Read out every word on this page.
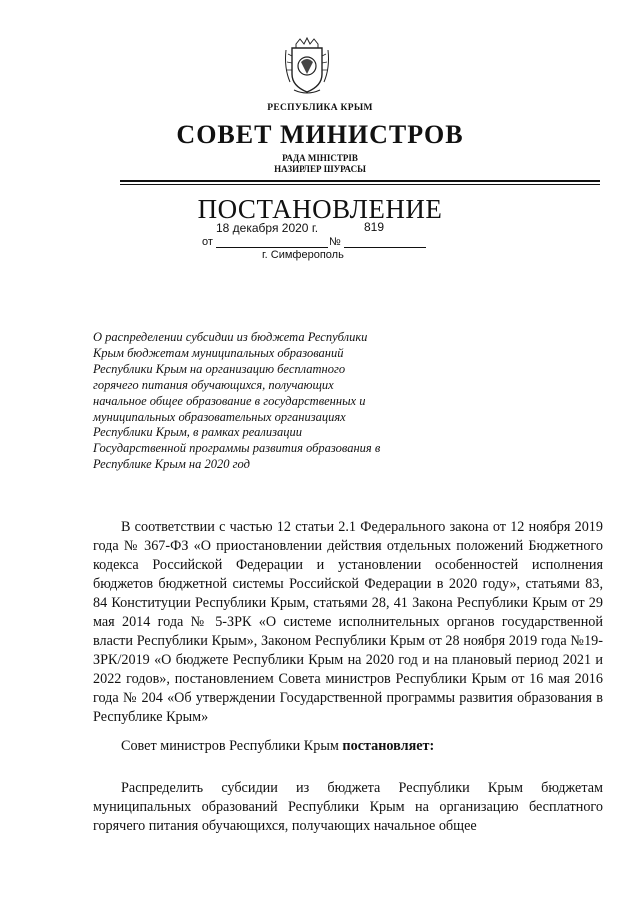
РЕСПУБЛИКА КРЫМ
СОВЕТ МИНИСТРОВ
РАДА МІНІСТРІВ
НАЗИРЛЕР ШУРАСЫ
ПОСТАНОВЛЕНИЕ
18 декабря 2020 г.	819
от	№
г. Симферополь
О распределении субсидии из бюджета Республики Крым бюджетам муниципальных образований Республики Крым на организацию бесплатного горячего питания обучающихся, получающих начальное общее образование в государственных и муниципальных образовательных организациях Республики Крым, в рамках реализации Государственной программы развития образования в Республике Крым на 2020 год
В соответствии с частью 12 статьи 2.1 Федерального закона от 12 ноября 2019 года № 367-ФЗ «О приостановлении действия отдельных положений Бюджетного кодекса Российской Федерации и установлении особенностей исполнения бюджетов бюджетной системы Российской Федерации в 2020 году», статьями 83, 84 Конституции Республики Крым, статьями 28, 41 Закона Республики Крым от 29 мая 2014 года № 5-ЗРК «О системе исполнительных органов государственной власти Республики Крым», Законом Республики Крым от 28 ноября 2019 года №19-ЗРК/2019 «О бюджете Республики Крым на 2020 год и на плановый период 2021 и 2022 годов», постановлением Совета министров Республики Крым от 16 мая 2016 года № 204 «Об утверждении Государственной программы развития образования в Республике Крым»
Совет министров Республики Крым постановляет:
Распределить субсидии из бюджета Республики Крым бюджетам муниципальных образований Республики Крым на организацию бесплатного горячего питания обучающихся, получающих начальное общее
